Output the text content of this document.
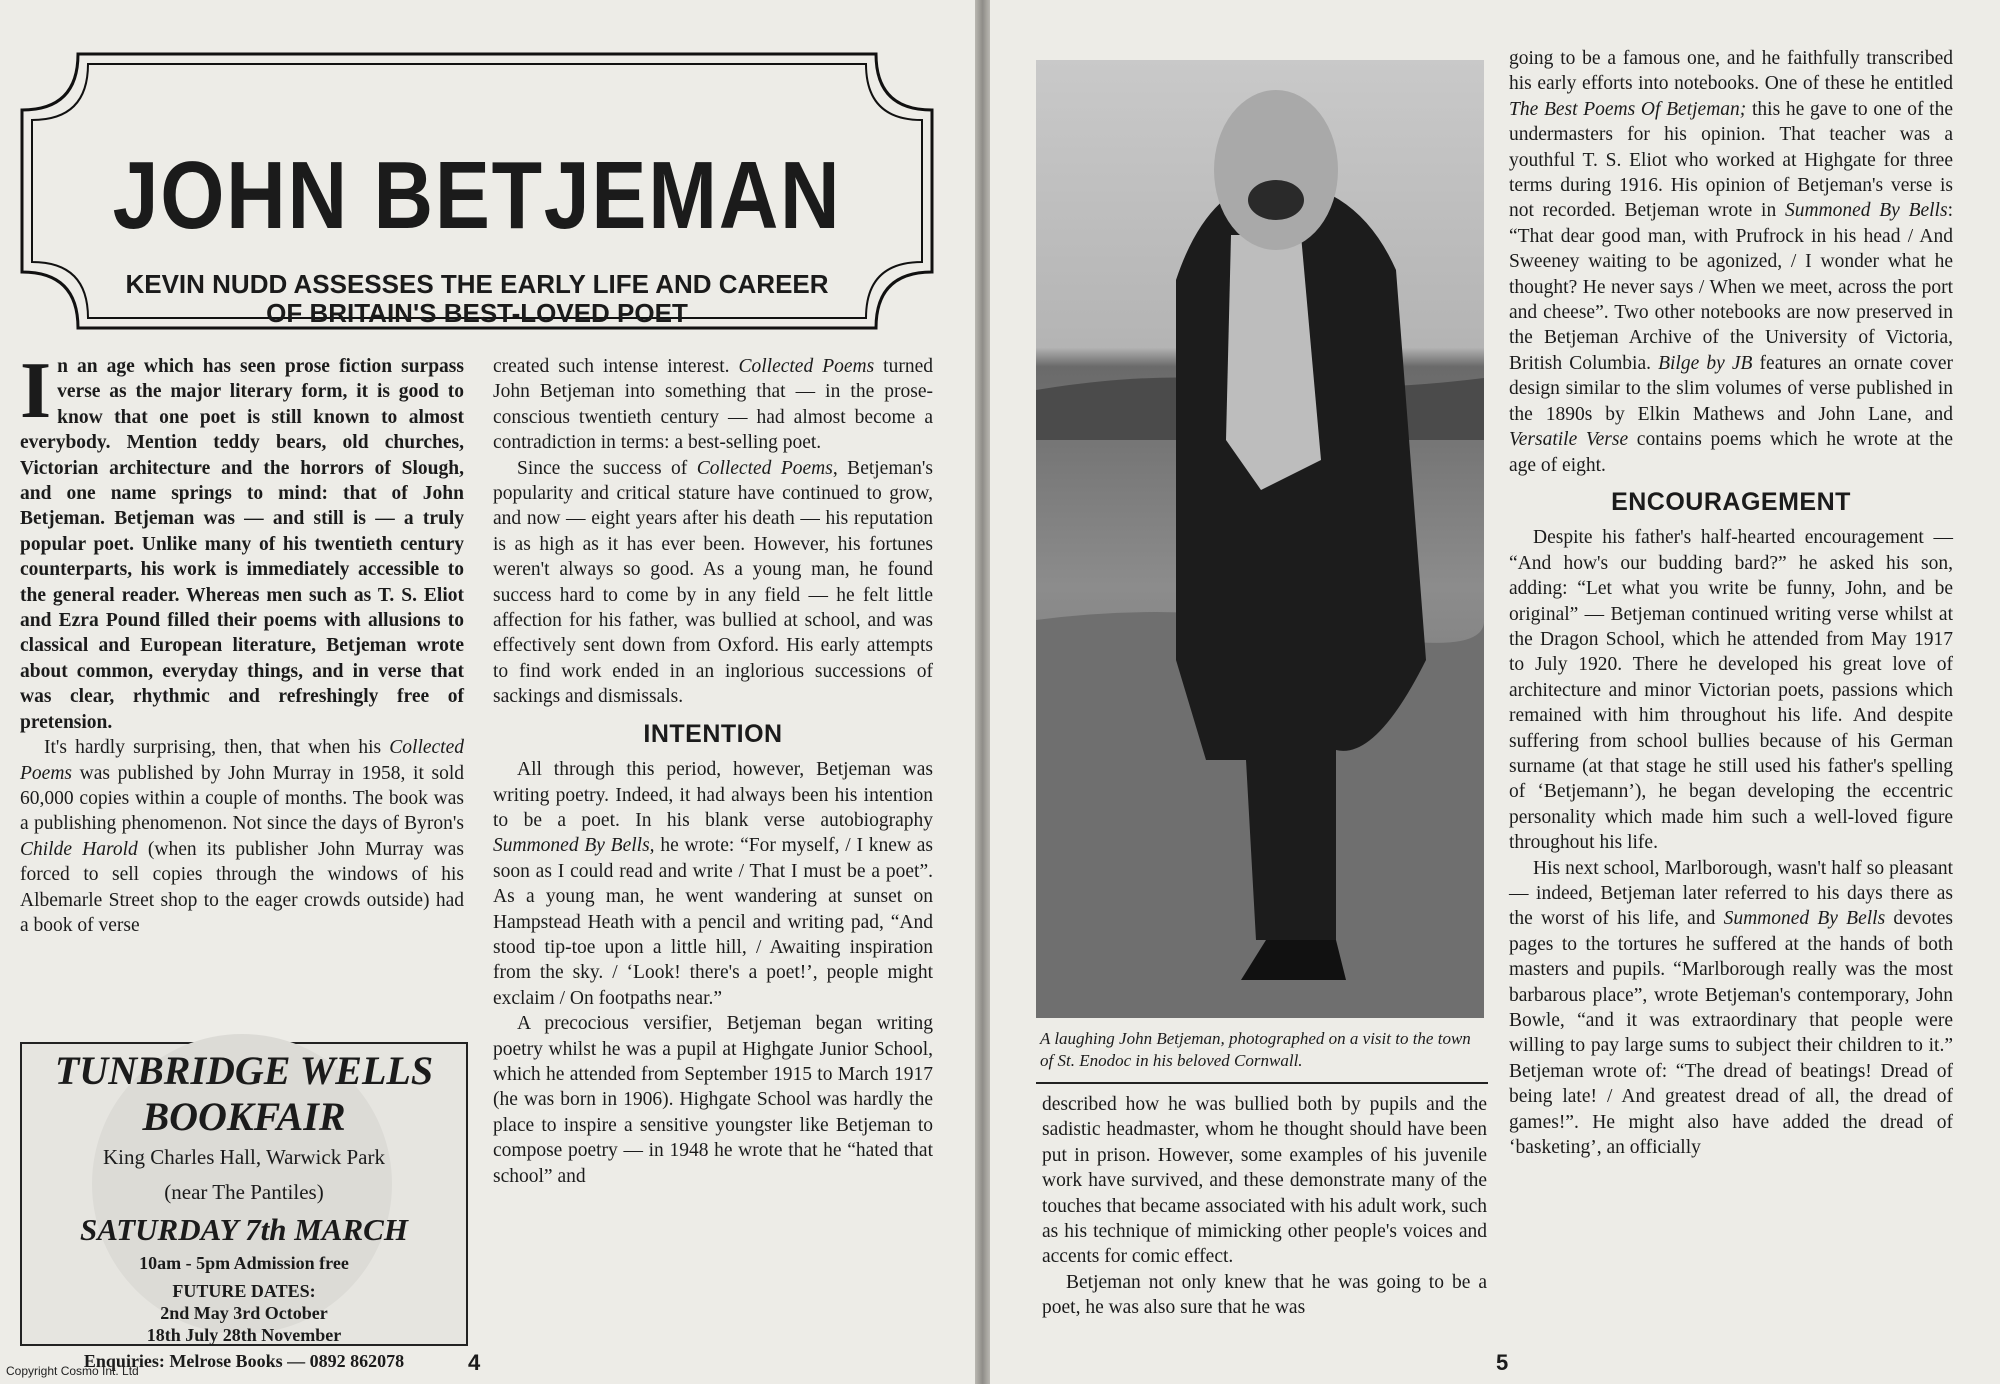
JOHN BETJEMAN
KEVIN NUDD ASSESSES THE EARLY LIFE AND CAREER
OF BRITAIN'S BEST-LOVED POET

In an age which has seen prose fiction surpass verse as the major literary form, it is good to know that one poet is still known to almost everybody. Mention teddy bears, old churches, Victorian architecture and the horrors of Slough, and one name springs to mind: that of John Betjeman. Betjeman was — and still is — a truly popular poet. Unlike many of his twentieth century counterparts, his work is immediately accessible to the general reader. Whereas men such as T. S. Eliot and Ezra Pound filled their poems with allusions to classical and European literature, Betjeman wrote about common, everyday things, and in verse that was clear, rhythmic and refreshingly free of pretension.

It's hardly surprising, then, that when his Collected Poems was published by John Murray in 1958, it sold 60,000 copies within a couple of months. The book was a publishing phenomenon. Not since the days of Byron's Childe Harold (when its publisher John Murray was forced to sell copies through the windows of his Albemarle Street shop to the eager crowds outside) had a book of verse

TUNBRIDGE WELLS
BOOKFAIR
King Charles Hall, Warwick Park
(near The Pantiles)
SATURDAY 7th MARCH
10am - 5pm Admission free
FUTURE DATES:
2nd May 3rd October
18th July 28th November
Enquiries: Melrose Books — 0892 862078

created such intense interest. Collected Poems turned John Betjeman into something that — in the prose-conscious twentieth century — had almost become a contradiction in terms: a best-selling poet.

Since the success of Collected Poems, Betjeman's popularity and critical stature have continued to grow, and now — eight years after his death — his reputation is as high as it has ever been. However, his fortunes weren't always so good. As a young man, he found success hard to come by in any field — he felt little affection for his father, was bullied at school, and was effectively sent down from Oxford. His early attempts to find work ended in an inglorious successions of sackings and dismissals.

INTENTION

All through this period, however, Betjeman was writing poetry. Indeed, it had always been his intention to be a poet. In his blank verse autobiography Summoned By Bells, he wrote: “For myself, / I knew as soon as I could read and write / That I must be a poet”. As a young man, he went wandering at sunset on Hampstead Heath with a pencil and writing pad, “And stood tip-toe upon a little hill, / Awaiting inspiration from the sky. / ‘Look! there's a poet!’, people might exclaim / On footpaths near.”

A precocious versifier, Betjeman began writing poetry whilst he was a pupil at Highgate Junior School, which he attended from September 1915 to March 1917 (he was born in 1906). Highgate School was hardly the place to inspire a sensitive youngster like Betjeman to compose poetry — in 1948 he wrote that he “hated that school” and

A laughing John Betjeman, photographed on a visit to the town of St. Enodoc in his beloved Cornwall.

described how he was bullied both by pupils and the sadistic headmaster, whom he thought should have been put in prison. However, some examples of his juvenile work have survived, and these demonstrate many of the touches that became associated with his adult work, such as his technique of mimicking other people's voices and accents for comic effect.

Betjeman not only knew that he was going to be a poet, he was also sure that he was

going to be a famous one, and he faithfully transcribed his early efforts into notebooks. One of these he entitled The Best Poems Of Betjeman; this he gave to one of the undermasters for his opinion. That teacher was a youthful T. S. Eliot who worked at Highgate for three terms during 1916. His opinion of Betjeman's verse is not recorded. Betjeman wrote in Summoned By Bells: “That dear good man, with Prufrock in his head / And Sweeney waiting to be agonized, / I wonder what he thought? He never says / When we meet, across the port and cheese”. Two other notebooks are now preserved in the Betjeman Archive of the University of Victoria, British Columbia. Bilge by JB features an ornate cover design similar to the slim volumes of verse published in the 1890s by Elkin Mathews and John Lane, and Versatile Verse contains poems which he wrote at the age of eight.

ENCOURAGEMENT

Despite his father's half-hearted encouragement — “And how's our budding bard?” he asked his son, adding: “Let what you write be funny, John, and be original” — Betjeman continued writing verse whilst at the Dragon School, which he attended from May 1917 to July 1920. There he developed his great love of architecture and minor Victorian poets, passions which remained with him throughout his life. And despite suffering from school bullies because of his German surname (at that stage he still used his father's spelling of ‘Betjemann’), he began developing the eccentric personality which made him such a well-loved figure throughout his life.

His next school, Marlborough, wasn't half so pleasant — indeed, Betjeman later referred to his days there as the worst of his life, and Summoned By Bells devotes pages to the tortures he suffered at the hands of both masters and pupils. “Marlborough really was the most barbarous place”, wrote Betjeman's contemporary, John Bowle, “and it was extraordinary that people were willing to pay large sums to subject their children to it.” Betjeman wrote of: “The dread of beatings! Dread of being late! / And greatest dread of all, the dread of games!”. He might also have added the dread of ‘basketing’, an officially

4	5
Copyright Cosmo Int. Ltd
